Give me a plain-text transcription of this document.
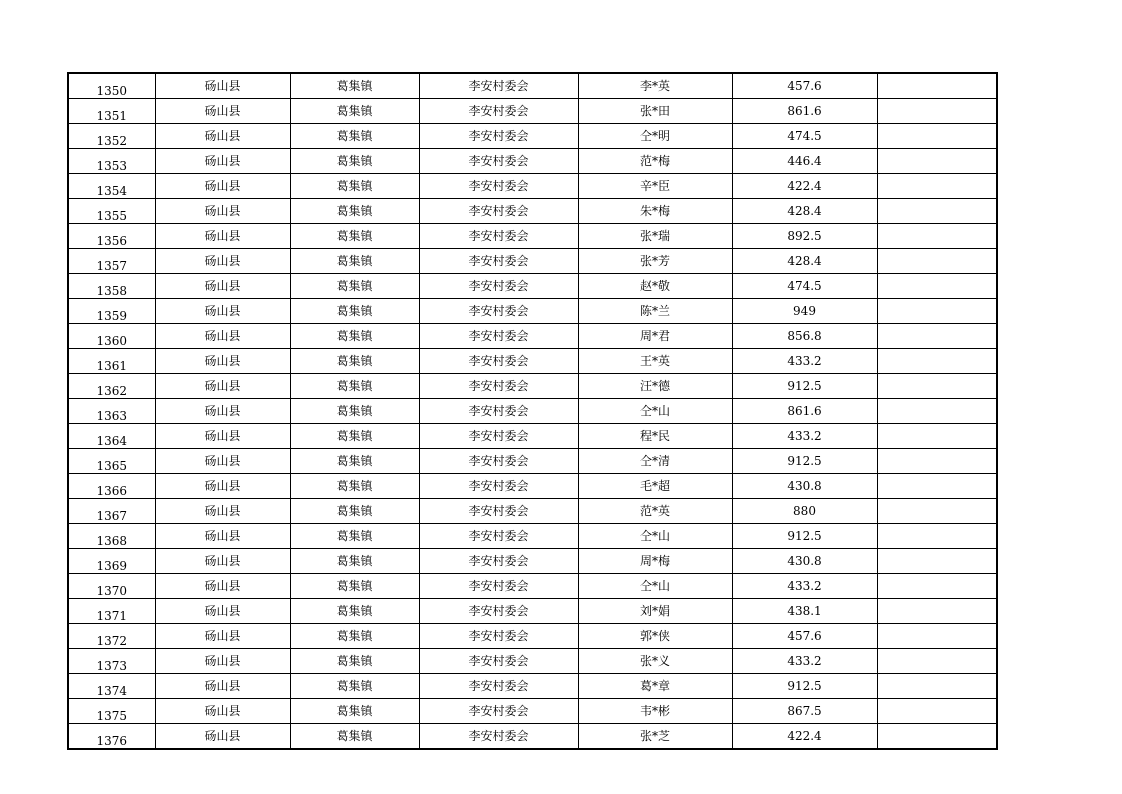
1350	砀山县	葛集镇	李安村委会	李*英	457.6	
1351	砀山县	葛集镇	李安村委会	张*田	861.6	
1352	砀山县	葛集镇	李安村委会	仝*明	474.5	
1353	砀山县	葛集镇	李安村委会	范*梅	446.4	
1354	砀山县	葛集镇	李安村委会	辛*臣	422.4	
1355	砀山县	葛集镇	李安村委会	朱*梅	428.4	
1356	砀山县	葛集镇	李安村委会	张*瑞	892.5	
1357	砀山县	葛集镇	李安村委会	张*芳	428.4	
1358	砀山县	葛集镇	李安村委会	赵*敬	474.5	
1359	砀山县	葛集镇	李安村委会	陈*兰	949	
1360	砀山县	葛集镇	李安村委会	周*君	856.8	
1361	砀山县	葛集镇	李安村委会	王*英	433.2	
1362	砀山县	葛集镇	李安村委会	汪*德	912.5	
1363	砀山县	葛集镇	李安村委会	仝*山	861.6	
1364	砀山县	葛集镇	李安村委会	程*民	433.2	
1365	砀山县	葛集镇	李安村委会	仝*清	912.5	
1366	砀山县	葛集镇	李安村委会	毛*超	430.8	
1367	砀山县	葛集镇	李安村委会	范*英	880	
1368	砀山县	葛集镇	李安村委会	仝*山	912.5	
1369	砀山县	葛集镇	李安村委会	周*梅	430.8	
1370	砀山县	葛集镇	李安村委会	仝*山	433.2	
1371	砀山县	葛集镇	李安村委会	刘*娟	438.1	
1372	砀山县	葛集镇	李安村委会	郭*侠	457.6	
1373	砀山县	葛集镇	李安村委会	张*义	433.2	
1374	砀山县	葛集镇	李安村委会	葛*章	912.5	
1375	砀山县	葛集镇	李安村委会	韦*彬	867.5	
1376	砀山县	葛集镇	李安村委会	张*芝	422.4	
